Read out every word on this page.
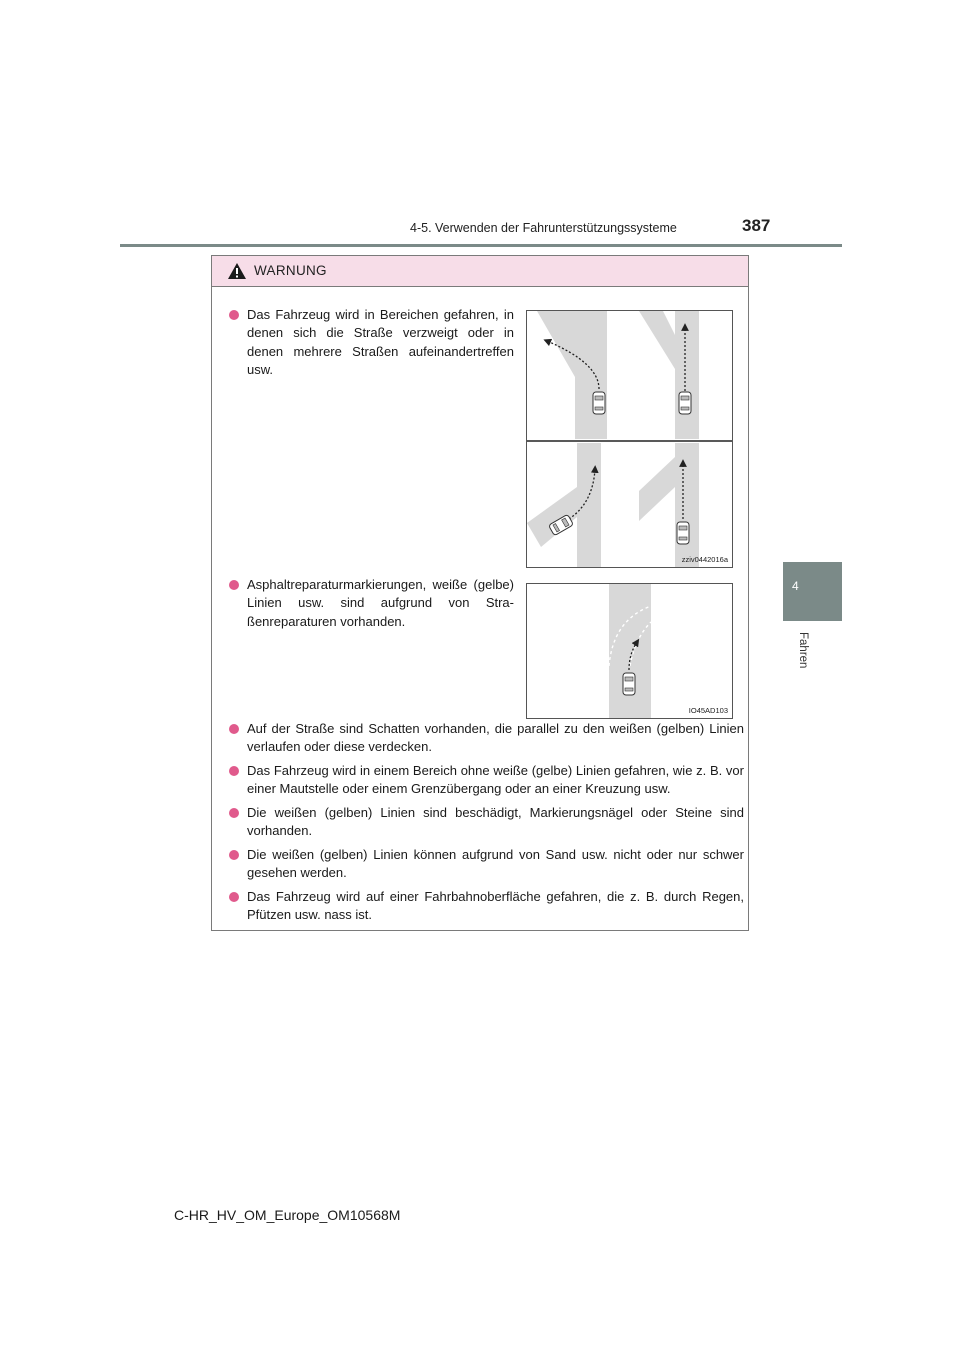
4-5. Verwenden der Fahrunterstützungssysteme	387
4
Fahren
WARNUNG
Das Fahrzeug wird in Bereichen gefahren, in denen sich die Straße verzweigt oder in denen mehrere Straßen aufeinandertreffen usw.
Asphaltreparaturmarkierungen, weiße (gelbe) Linien usw. sind aufgrund von Stra-ßenreparaturen vorhanden.
Auf der Straße sind Schatten vorhanden, die parallel zu den weißen (gelben) Linien verlaufen oder diese verdecken.
Das Fahrzeug wird in einem Bereich ohne weiße (gelbe) Linien gefahren, wie z. B. vor einer Mautstelle oder einem Grenzübergang oder an einer Kreuzung usw.
Die weißen (gelben) Linien sind beschädigt, Markierungsnägel oder Steine sind vorhanden.
Die weißen (gelben) Linien können aufgrund von Sand usw. nicht oder nur schwer gesehen werden.
Das Fahrzeug wird auf einer Fahrbahnoberfläche gefahren, die z. B. durch Regen, Pfützen usw. nass ist.
zziv0442016a
IO45AD103
C-HR_HV_OM_Europe_OM10568M
